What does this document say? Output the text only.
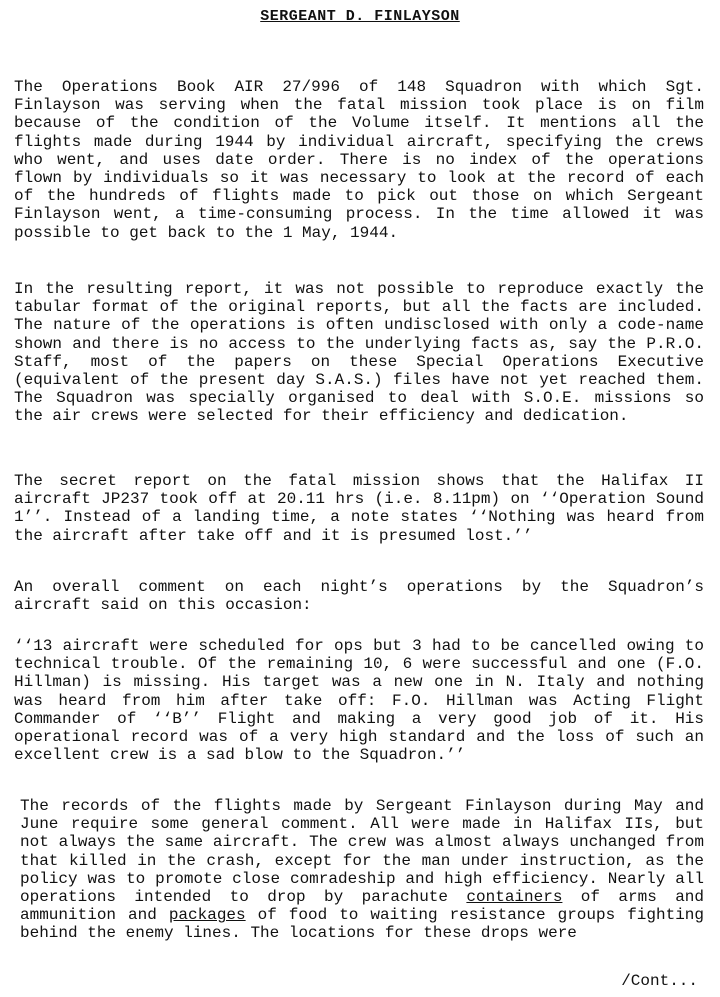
SERGEANT D. FINLAYSON
The Operations Book AIR 27/996 of 148 Squadron with which Sgt. Finlayson was serving when the fatal mission took place is on film because of the condition of the Volume itself. It mentions all the flights made during 1944 by individual aircraft, specifying the crews who went, and uses date order. There is no index of the operations flown by individuals so it was necessary to look at the record of each of the hundreds of flights made to pick out those on which Sergeant Finlayson went, a time-consuming process. In the time allowed it was possible to get back to the 1 May, 1944.
In the resulting report, it was not possible to reproduce exactly the tabular format of the original reports, but all the facts are included. The nature of the operations is often undisclosed with only a code-name shown and there is no access to the underlying facts as, say the P.R.O. Staff, most of the papers on these Special Operations Executive (equivalent of the present day S.A.S.) files have not yet reached them. The Squadron was specially organised to deal with S.O.E. missions so the air crews were selected for their efficiency and dedication.
The secret report on the fatal mission shows that the Halifax II aircraft JP237 took off at 20.11 hrs (i.e. 8.11pm) on ‘‘Operation Sound 1’’. Instead of a landing time, a note states ‘‘Nothing was heard from the aircraft after take off and it is presumed lost.’’
An overall comment on each night’s operations by the Squadron’s aircraft said on this occasion:
‘‘13 aircraft were scheduled for ops but 3 had to be cancelled owing to technical trouble. Of the remaining 10, 6 were successful and one (F.O. Hillman) is missing. His target was a new one in N. Italy and nothing was heard from him after take off: F.O. Hillman was Acting Flight Commander of ‘‘B’’ Flight and making a very good job of it. His operational record was of a very high standard and the loss of such an excellent crew is a sad blow to the Squadron.’’
The records of the flights made by Sergeant Finlayson during May and June require some general comment. All were made in Halifax IIs, but not always the same aircraft. The crew was almost always unchanged from that killed in the crash, except for the man under instruction, as the policy was to promote close comradeship and high efficiency. Nearly all operations intended to drop by parachute containers of arms and ammunition and packages of food to waiting resistance groups fighting behind the enemy lines. The locations for these drops were
/Cont...
